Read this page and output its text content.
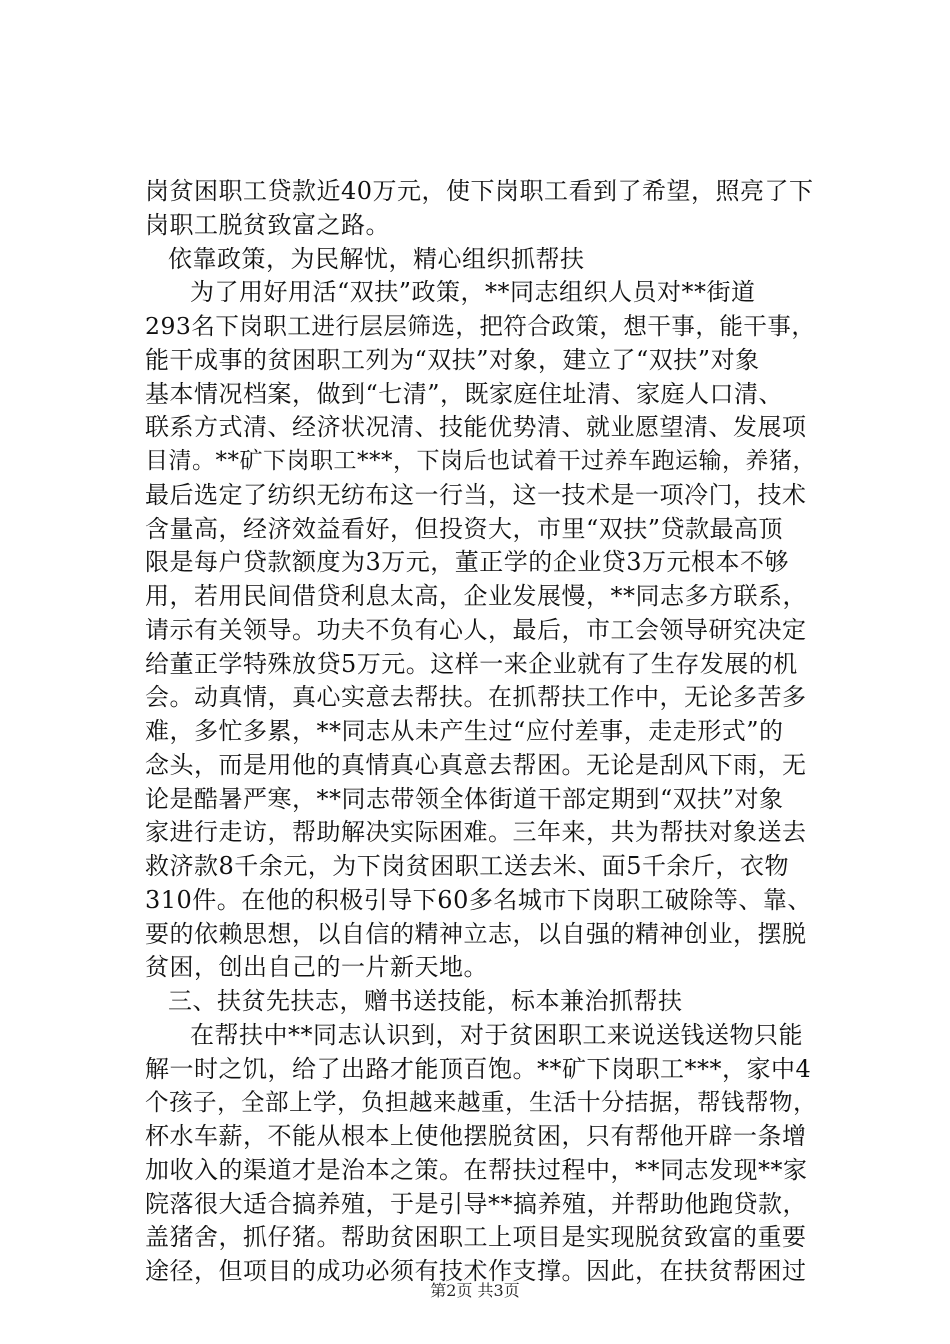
岗贫困职工贷款近40万元，使下岗职工看到了希望，照亮了下
岗职工脱贫致富之路。
依靠政策，为民解忧，精心组织抓帮扶
为了用好用活“双扶”政策，**同志组织人员对**街道
293名下岗职工进行层层筛选，把符合政策，想干事，能干事，
能干成事的贫困职工列为“双扶”对象，建立了“双扶”对象
基本情况档案，做到“七清”，既家庭住址清、家庭人口清、
联系方式清、经济状况清、技能优势清、就业愿望清、发展项
目清。**矿下岗职工***，下岗后也试着干过养车跑运输，养猪，
最后选定了纺织无纺布这一行当，这一技术是一项冷门，技术
含量高，经济效益看好，但投资大，市里“双扶”贷款最高顶
限是每户贷款额度为3万元，董正学的企业贷3万元根本不够
用，若用民间借贷利息太高，企业发展慢，**同志多方联系，
请示有关领导。功夫不负有心人，最后，市工会领导研究决定
给董正学特殊放贷5万元。这样一来企业就有了生存发展的机
会。动真情，真心实意去帮扶。在抓帮扶工作中，无论多苦多
难，多忙多累，**同志从未产生过“应付差事，走走形式”的
念头，而是用他的真情真心真意去帮困。无论是刮风下雨，无
论是酷暑严寒，**同志带领全体街道干部定期到“双扶”对象
家进行走访，帮助解决实际困难。三年来，共为帮扶对象送去
救济款8千余元，为下岗贫困职工送去米、面5千余斤，衣物
310件。在他的积极引导下60多名城市下岗职工破除等、靠、
要的依赖思想，以自信的精神立志，以自强的精神创业，摆脱
贫困，创出自己的一片新天地。
三、扶贫先扶志，赠书送技能，标本兼治抓帮扶
在帮扶中**同志认识到，对于贫困职工来说送钱送物只能
解一时之饥，给了出路才能顶百饱。**矿下岗职工***，家中4
个孩子，全部上学，负担越来越重，生活十分拮据，帮钱帮物，
杯水车薪，不能从根本上使他摆脱贫困，只有帮他开辟一条增
加收入的渠道才是治本之策。在帮扶过程中，**同志发现**家
院落很大适合搞养殖，于是引导**搞养殖，并帮助他跑贷款，
盖猪舍，抓仔猪。帮助贫困职工上项目是实现脱贫致富的重要
途径，但项目的成功必须有技术作支撑。因此，在扶贫帮困过
第2页 共3页
